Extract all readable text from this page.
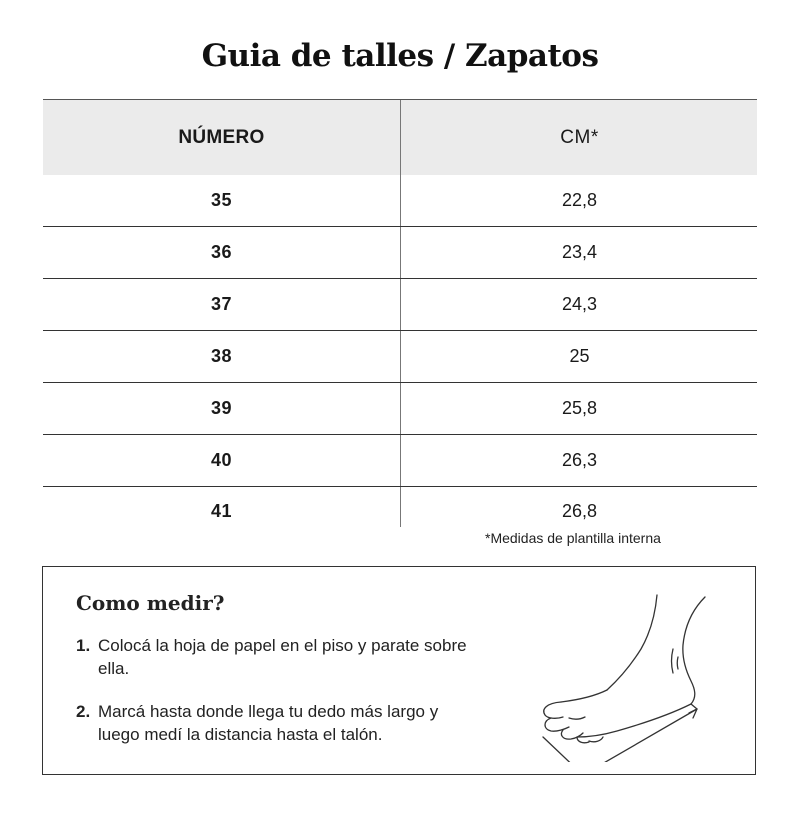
Guia de talles / Zapatos
NÚMERO	CM*
35	22,8
36	23,4
37	24,3
38	25
39	25,8
40	26,3
41	26,8
*Medidas de plantilla interna
Como medir?
1. Colocá la hoja de papel en el piso y parate sobre ella.
2. Marcá hasta donde llega tu dedo más largo y luego medí la distancia hasta el talón.
